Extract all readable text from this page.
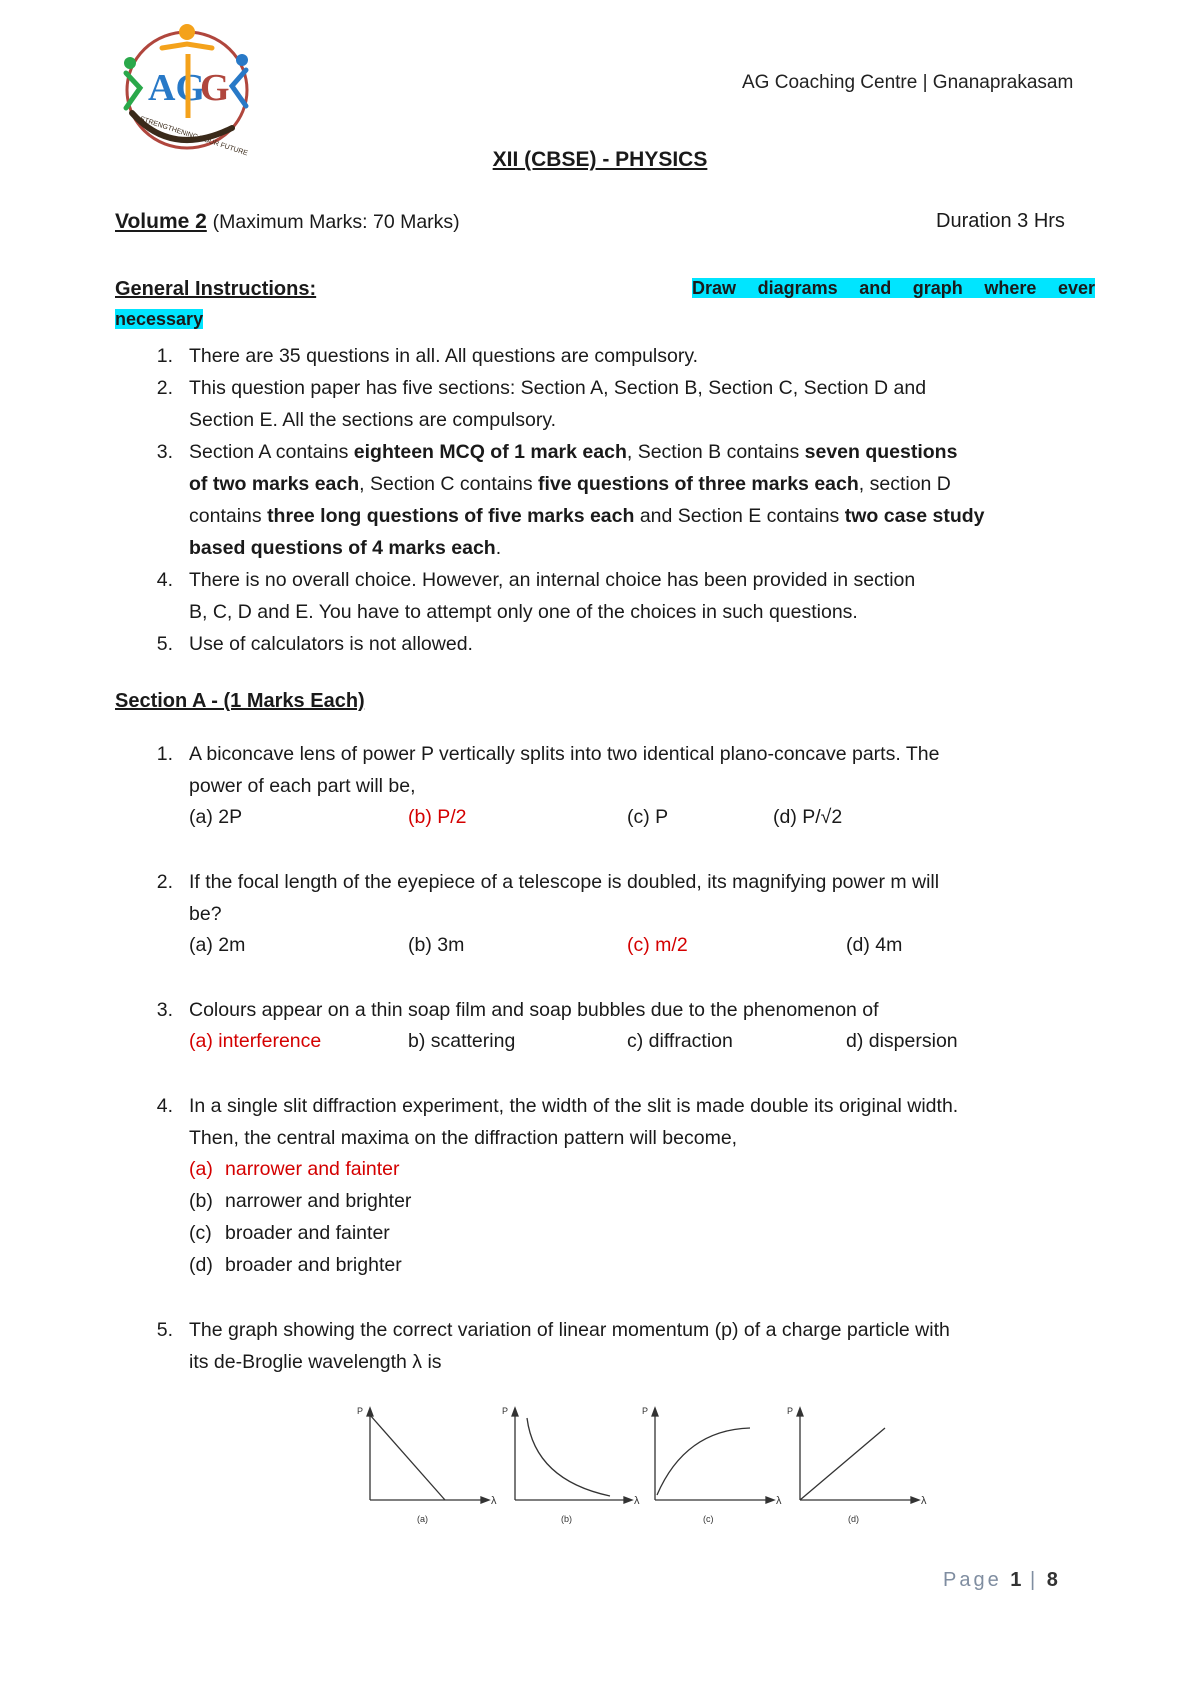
AG
G
STRENGTHENING YOUR FUTURE
AG Coaching Centre | Gnanaprakasam
XII (CBSE) - PHYSICS
Volume 2 (Maximum Marks: 70 Marks)	Duration 3 Hrs
General Instructions:	Draw diagrams and graph where ever
necessary
1. There are 35 questions in all. All questions are compulsory.
2. This question paper has five sections: Section A, Section B, Section C, Section D and
Section E. All the sections are compulsory.
3. Section A contains eighteen MCQ of 1 mark each, Section B contains seven questions
of two marks each, Section C contains five questions of three marks each, section D
contains three long questions of five marks each and Section E contains two case study
based questions of 4 marks each.
4. There is no overall choice. However, an internal choice has been provided in section
B, C, D and E. You have to attempt only one of the choices in such questions.
5. Use of calculators is not allowed.
Section A - (1 Marks Each)
1. A biconcave lens of power P vertically splits into two identical plano-concave parts. The
power of each part will be,
(a) 2P	(b) P/2	(c) P	(d) P/√2
2. If the focal length of the eyepiece of a telescope is doubled, its magnifying power m will
be?
(a) 2m	(b) 3m	(c) m/2	(d) 4m
3. Colours appear on a thin soap film and soap bubbles due to the phenomenon of
(a) interference	b) scattering	c) diffraction	d) dispersion
4. In a single slit diffraction experiment, the width of the slit is made double its original width.
Then, the central maxima on the diffraction pattern will become,
(a) narrower and fainter
(b) narrower and brighter
(c) broader and fainter
(d) broader and brighter
5. The graph showing the correct variation of linear momentum (p) of a charge particle with
its de-Broglie wavelength λ is
P	P	P	P
λ	λ	λ	λ
(a)	(b)	(c)	(d)
Page 1 | 8
